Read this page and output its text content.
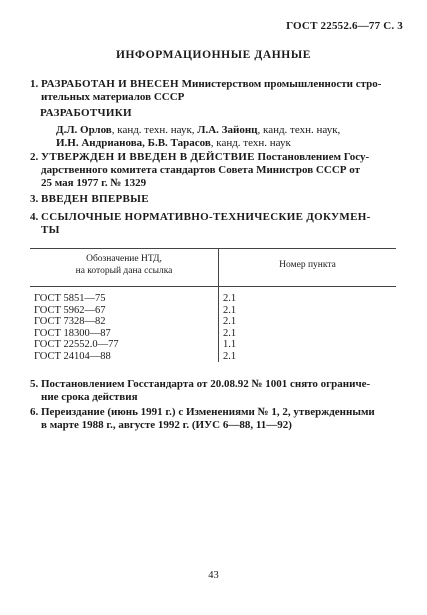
ГОСТ 22552.6—77 С. 3
ИНФОРМАЦИОННЫЕ ДАННЫЕ
1. РАЗРАБОТАН И ВНЕСЕН Министерством промышленности стро-
ительных материалов СССР
РАЗРАБОТЧИКИ
Д.Л. Орлов, канд. техн. наук, Л.А. Зайонц, канд. техн. наук,
И.Н. Андрианова, Б.В. Тарасов, канд. техн. наук
2. УТВЕРЖДЕН И ВВЕДЕН В ДЕЙСТВИЕ Постановлением Госу-
дарственного комитета стандартов Совета Министров СССР от
25 мая 1977 г. № 1329
3. ВВЕДЕН ВПЕРВЫЕ
4. ССЫЛОЧНЫЕ НОРМАТИВНО-ТЕХНИЧЕСКИЕ ДОКУМЕН-
ТЫ
Обозначение НТД,
на который дана ссылка	Номер пункта
ГОСТ 5851—75	2.1
ГОСТ 5962—67	2.1
ГОСТ 7328—82	2.1
ГОСТ 18300—87	2.1
ГОСТ 22552.0—77	1.1
ГОСТ 24104—88	2.1
5. Постановлением Госстандарта от 20.08.92 № 1001 снято ограниче-
ние срока действия
6. Переиздание (июнь 1991 г.) с Изменениями № 1, 2, утвержденными
в марте 1988 г., августе 1992 г. (ИУС 6—88, 11—92)
43
